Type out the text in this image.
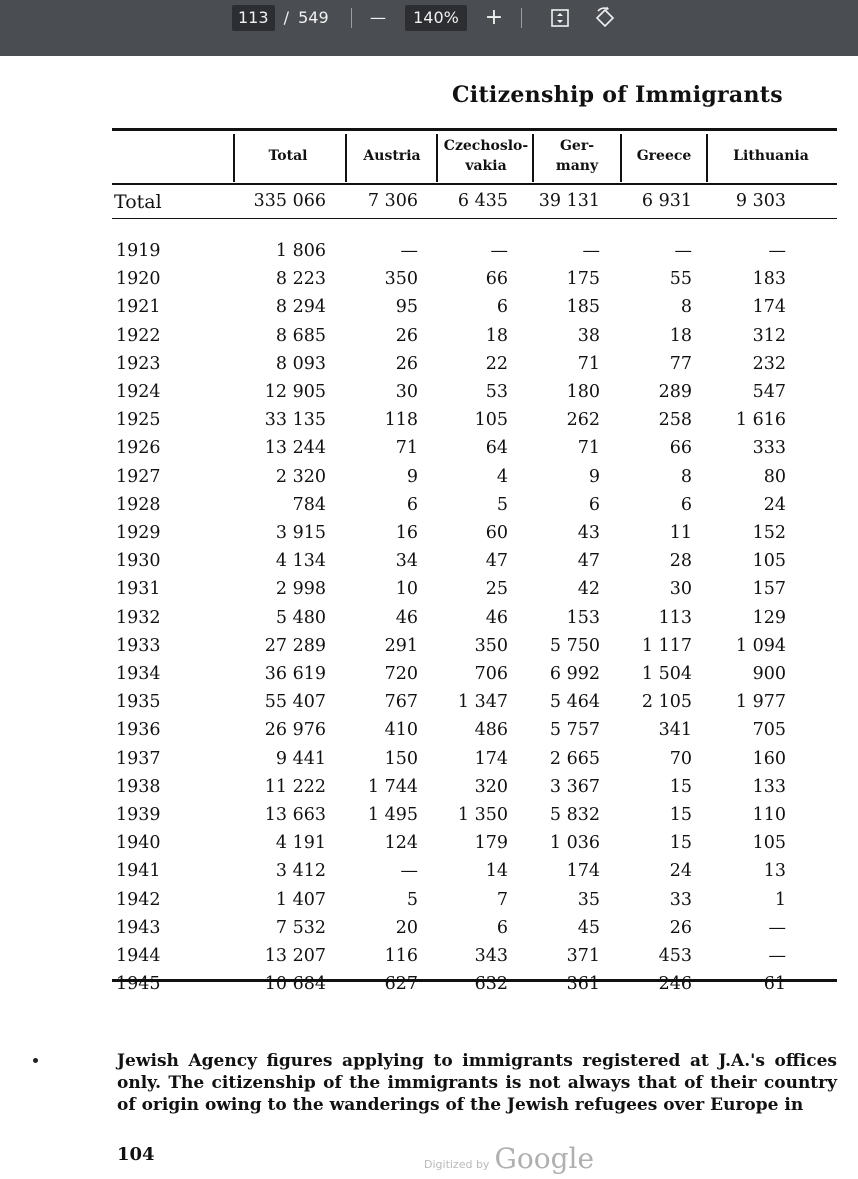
113 / 549	—	140%	+
Citizenship of Immigrants
Total	Austria
Czechoslo-
vakia
Ger-
many
Greece	Lithuania
Total	335 066	7 306	6 435	39 131	6 931	9 303
1919	1 806	—	—	—	—	—
1920	8 223	350	66	175	55	183
1921	8 294	95	6	185	8	174
1922	8 685	26	18	38	18	312
1923	8 093	26	22	71	77	232
1924	12 905	30	53	180	289	547
1925	33 135	118	105	262	258	1 616
1926	13 244	71	64	71	66	333
1927	2 320	9	4	9	8	80
1928	784	6	5	6	6	24
1929	3 915	16	60	43	11	152
1930	4 134	34	47	47	28	105
1931	2 998	10	25	42	30	157
1932	5 480	46	46	153	113	129
1933	27 289	291	350	5 750	1 117	1 094
1934	36 619	720	706	6 992	1 504	900
1935	55 407	767	1 347	5 464	2 105	1 977
1936	26 976	410	486	5 757	341	705
1937	9 441	150	174	2 665	70	160
1938	11 222	1 744	320	3 367	15	133
1939	13 663	1 495	1 350	5 832	15	110
1940	4 191	124	179	1 036	15	105
1941	3 412	—	14	174	24	13
1942	1 407	5	7	35	33	1
1943	7 532	20	6	45	26	—
1944	13 207	116	343	371	453	—
1945	10 684	627	632	361	246	61
Jewish Agency figures applying to immigrants registered at J.A.'s offices only. The citizenship of the immigrants is not always that of their country of origin owing to the wanderings of the Jewish refugees over Europe in
104	Digitized by Google
